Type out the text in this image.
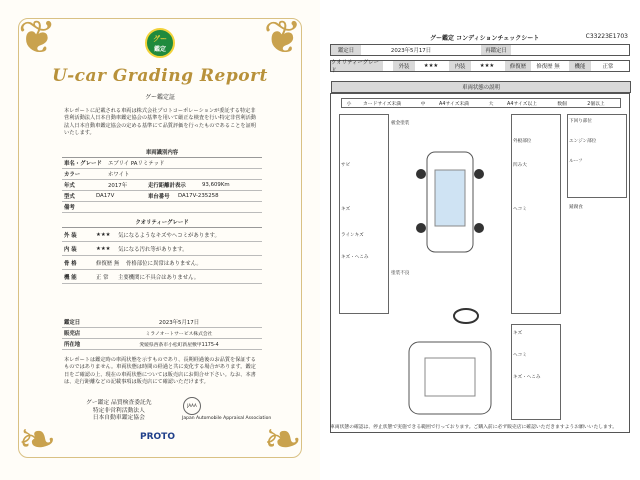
❦	❦
❧	❧
グー
鑑定
U-car Grading Report
グー鑑定証
本レポートに記載される車両は株式会社プロトコーポレーションが委託する特定非営利活動法人日本自動車鑑定協会の基準を用いて厳正な検査を行い特定非営利活動法人日本自動車鑑定協会の定める基準にて品質評価を行ったものであることを証明いたします。
車両識別内容
車名・グレード	エブリイ PAリミテッド
カラー	ホワイト
年式	2017年	走行距離計表示	93,609Km
型式	DA17V	車台番号	DA17V-235258
備考
クオリティーグレード
外 装	★★★	気になるようなキズやヘコミがあります。
内 装	★★★	気になる汚れ等があります。
骨 格	修復歴 無	骨格部位に異常はありません。
機 能	正 常	主要機関に不具合はありません。
鑑定日	2023年5月17日
販売店	ミラノオートサービス株式会社
所在地	愛媛県西条市小松町新屋敷甲1175-4
本レポートは鑑定時の車両状態を示すものであり、長期経過後のお品質を保証するものではありません。車両状態は時間の経過と共に変化する場合があります。鑑定日をご確認の上、現在の車両状態については販売店にお問合せ下さい。なお、本書は、走行距離などの記載事項は販売店にて確認いただけます。
グー鑑定 品質検査委託先
特定非営利活動法人
日本自動車鑑定協会
JAAA
Japan Automobile Appraisal Association
PROTO
グー鑑定 コンディションチェックシート	C33223E1703
鑑定日	2023年5月17日	再鑑定日
クオリティーグレード
外装	★★★	内装	★★★	修復歴	修復歴 無	機能	正常
車両状態の説明
小	カードサイズ未満	中	A4サイズ未満	大	A4サイズ以上	数個	2個以上
板金塗装
外板部位
下回り部位
エンジン部位
サビ	凹み大
ルーフ
キズ	ヘコミ
ラインキズ
キズ・へこみ
塗装不良
キズ
ヘコミ
キズ・へこみ
錆腐食
車両状態の確認は、停止状態で実施できる範囲で行っております。ご購入前に必ず販売店に確認いただきますようお願いいたします。
